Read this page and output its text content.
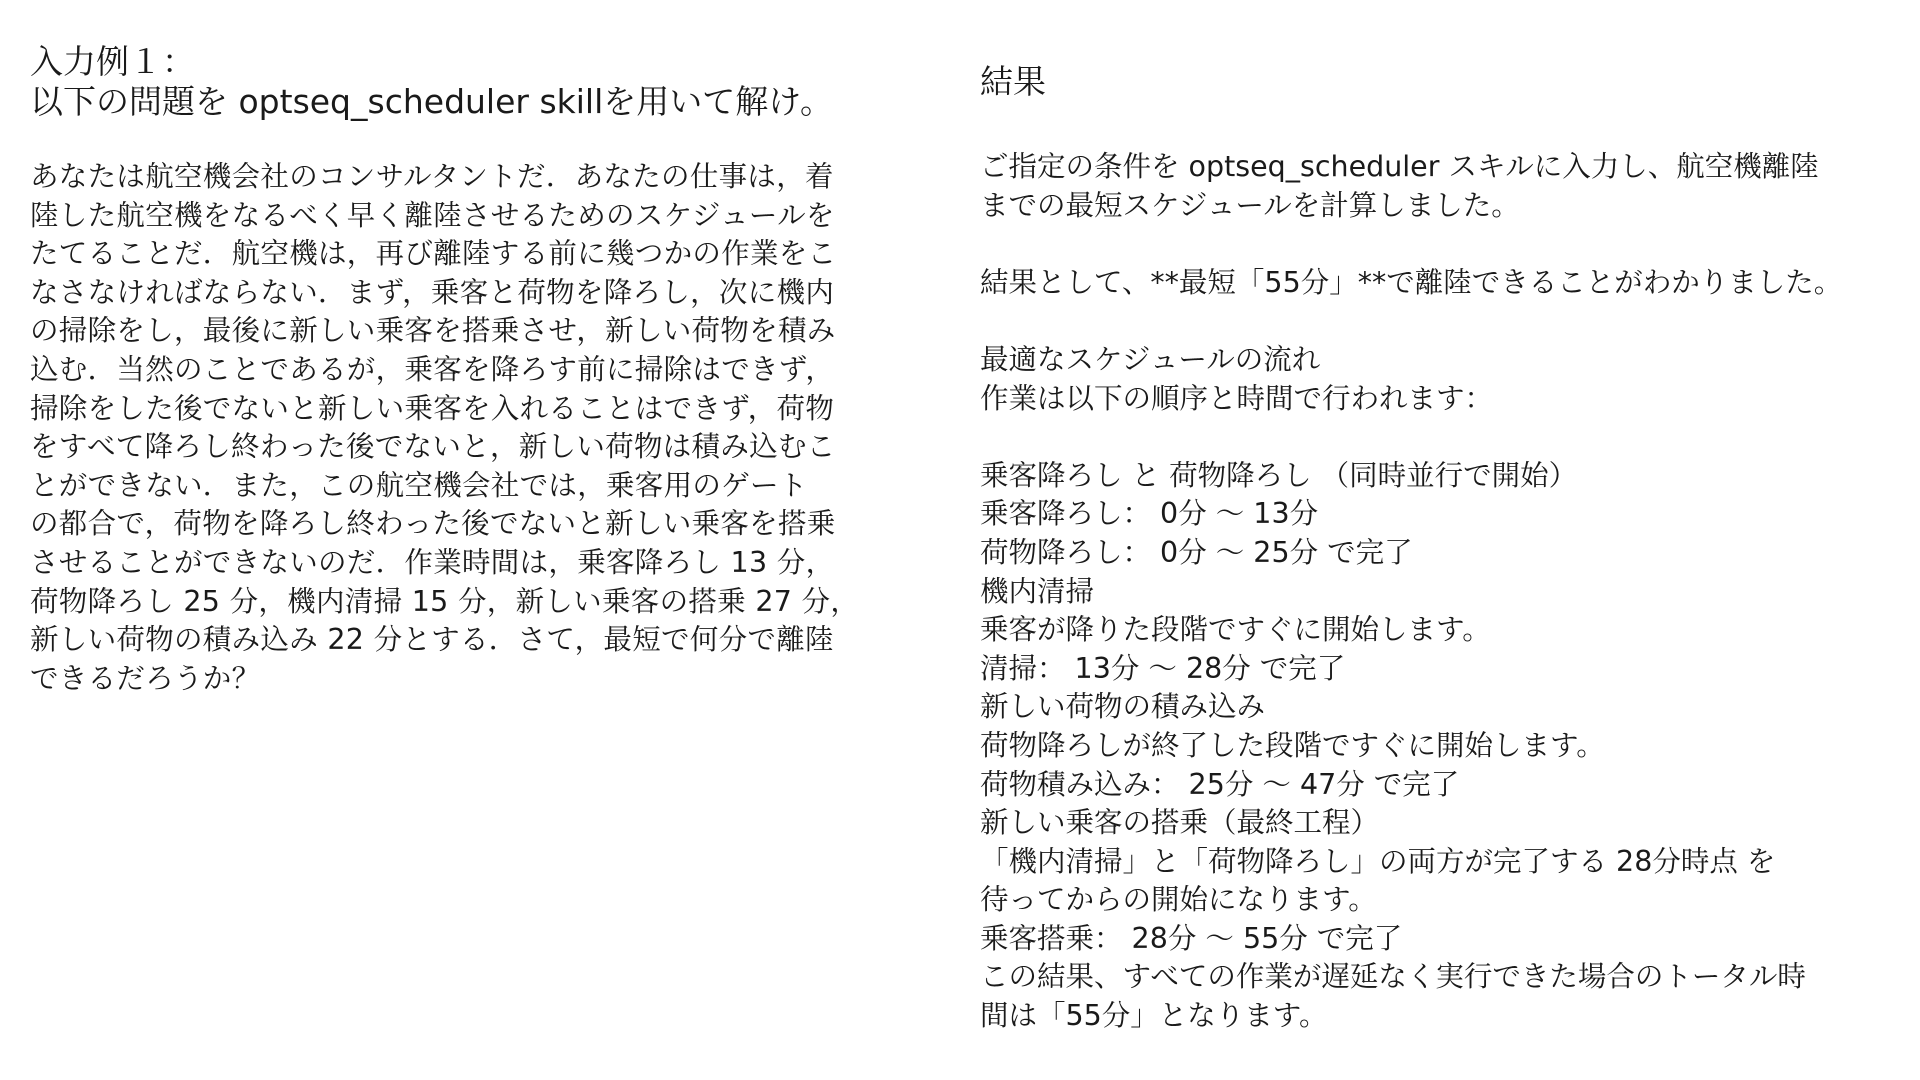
入力例１：
以下の問題を optseq_scheduler skillを用いて解け。
あなたは航空機会社のコンサルタントだ．あなたの仕事は，着
陸した航空機をなるべく早く離陸させるためのスケジュールを
たてることだ．航空機は，再び離陸する前に幾つかの作業をこ
なさなければならない．まず，乗客と荷物を降ろし，次に機内
の掃除をし，最後に新しい乗客を搭乗させ，新しい荷物を積み
込む．当然のことであるが，乗客を降ろす前に掃除はできず，
掃除をした後でないと新しい乗客を入れることはできず，荷物
をすべて降ろし終わった後でないと，新しい荷物は積み込むこ
とができない．また，この航空機会社では，乗客用のゲート
の都合で，荷物を降ろし終わった後でないと新しい乗客を搭乗
させることができないのだ．作業時間は，乗客降ろし 13 分，
荷物降ろし 25 分，機内清掃 15 分，新しい乗客の搭乗 27 分，
新しい荷物の積み込み 22 分とする．さて，最短で何分で離陸
できるだろうか？
結果
ご指定の条件を optseq_scheduler スキルに入力し、航空機離陸
までの最短スケジュールを計算しました。
結果として、**最短「55分」**で離陸できることがわかりました。
最適なスケジュールの流れ
作業は以下の順序と時間で行われます：
乗客降ろし と 荷物降ろし （同時並行で開始）
乗客降ろし： 0分 〜 13分
荷物降ろし： 0分 〜 25分 で完了
機内清掃
乗客が降りた段階ですぐに開始します。
清掃： 13分 〜 28分 で完了
新しい荷物の積み込み
荷物降ろしが終了した段階ですぐに開始します。
荷物積み込み： 25分 〜 47分 で完了
新しい乗客の搭乗（最終工程）
「機内清掃」と「荷物降ろし」の両方が完了する 28分時点 を
待ってからの開始になります。
乗客搭乗： 28分 〜 55分 で完了
この結果、すべての作業が遅延なく実行できた場合のトータル時
間は「55分」となります。
